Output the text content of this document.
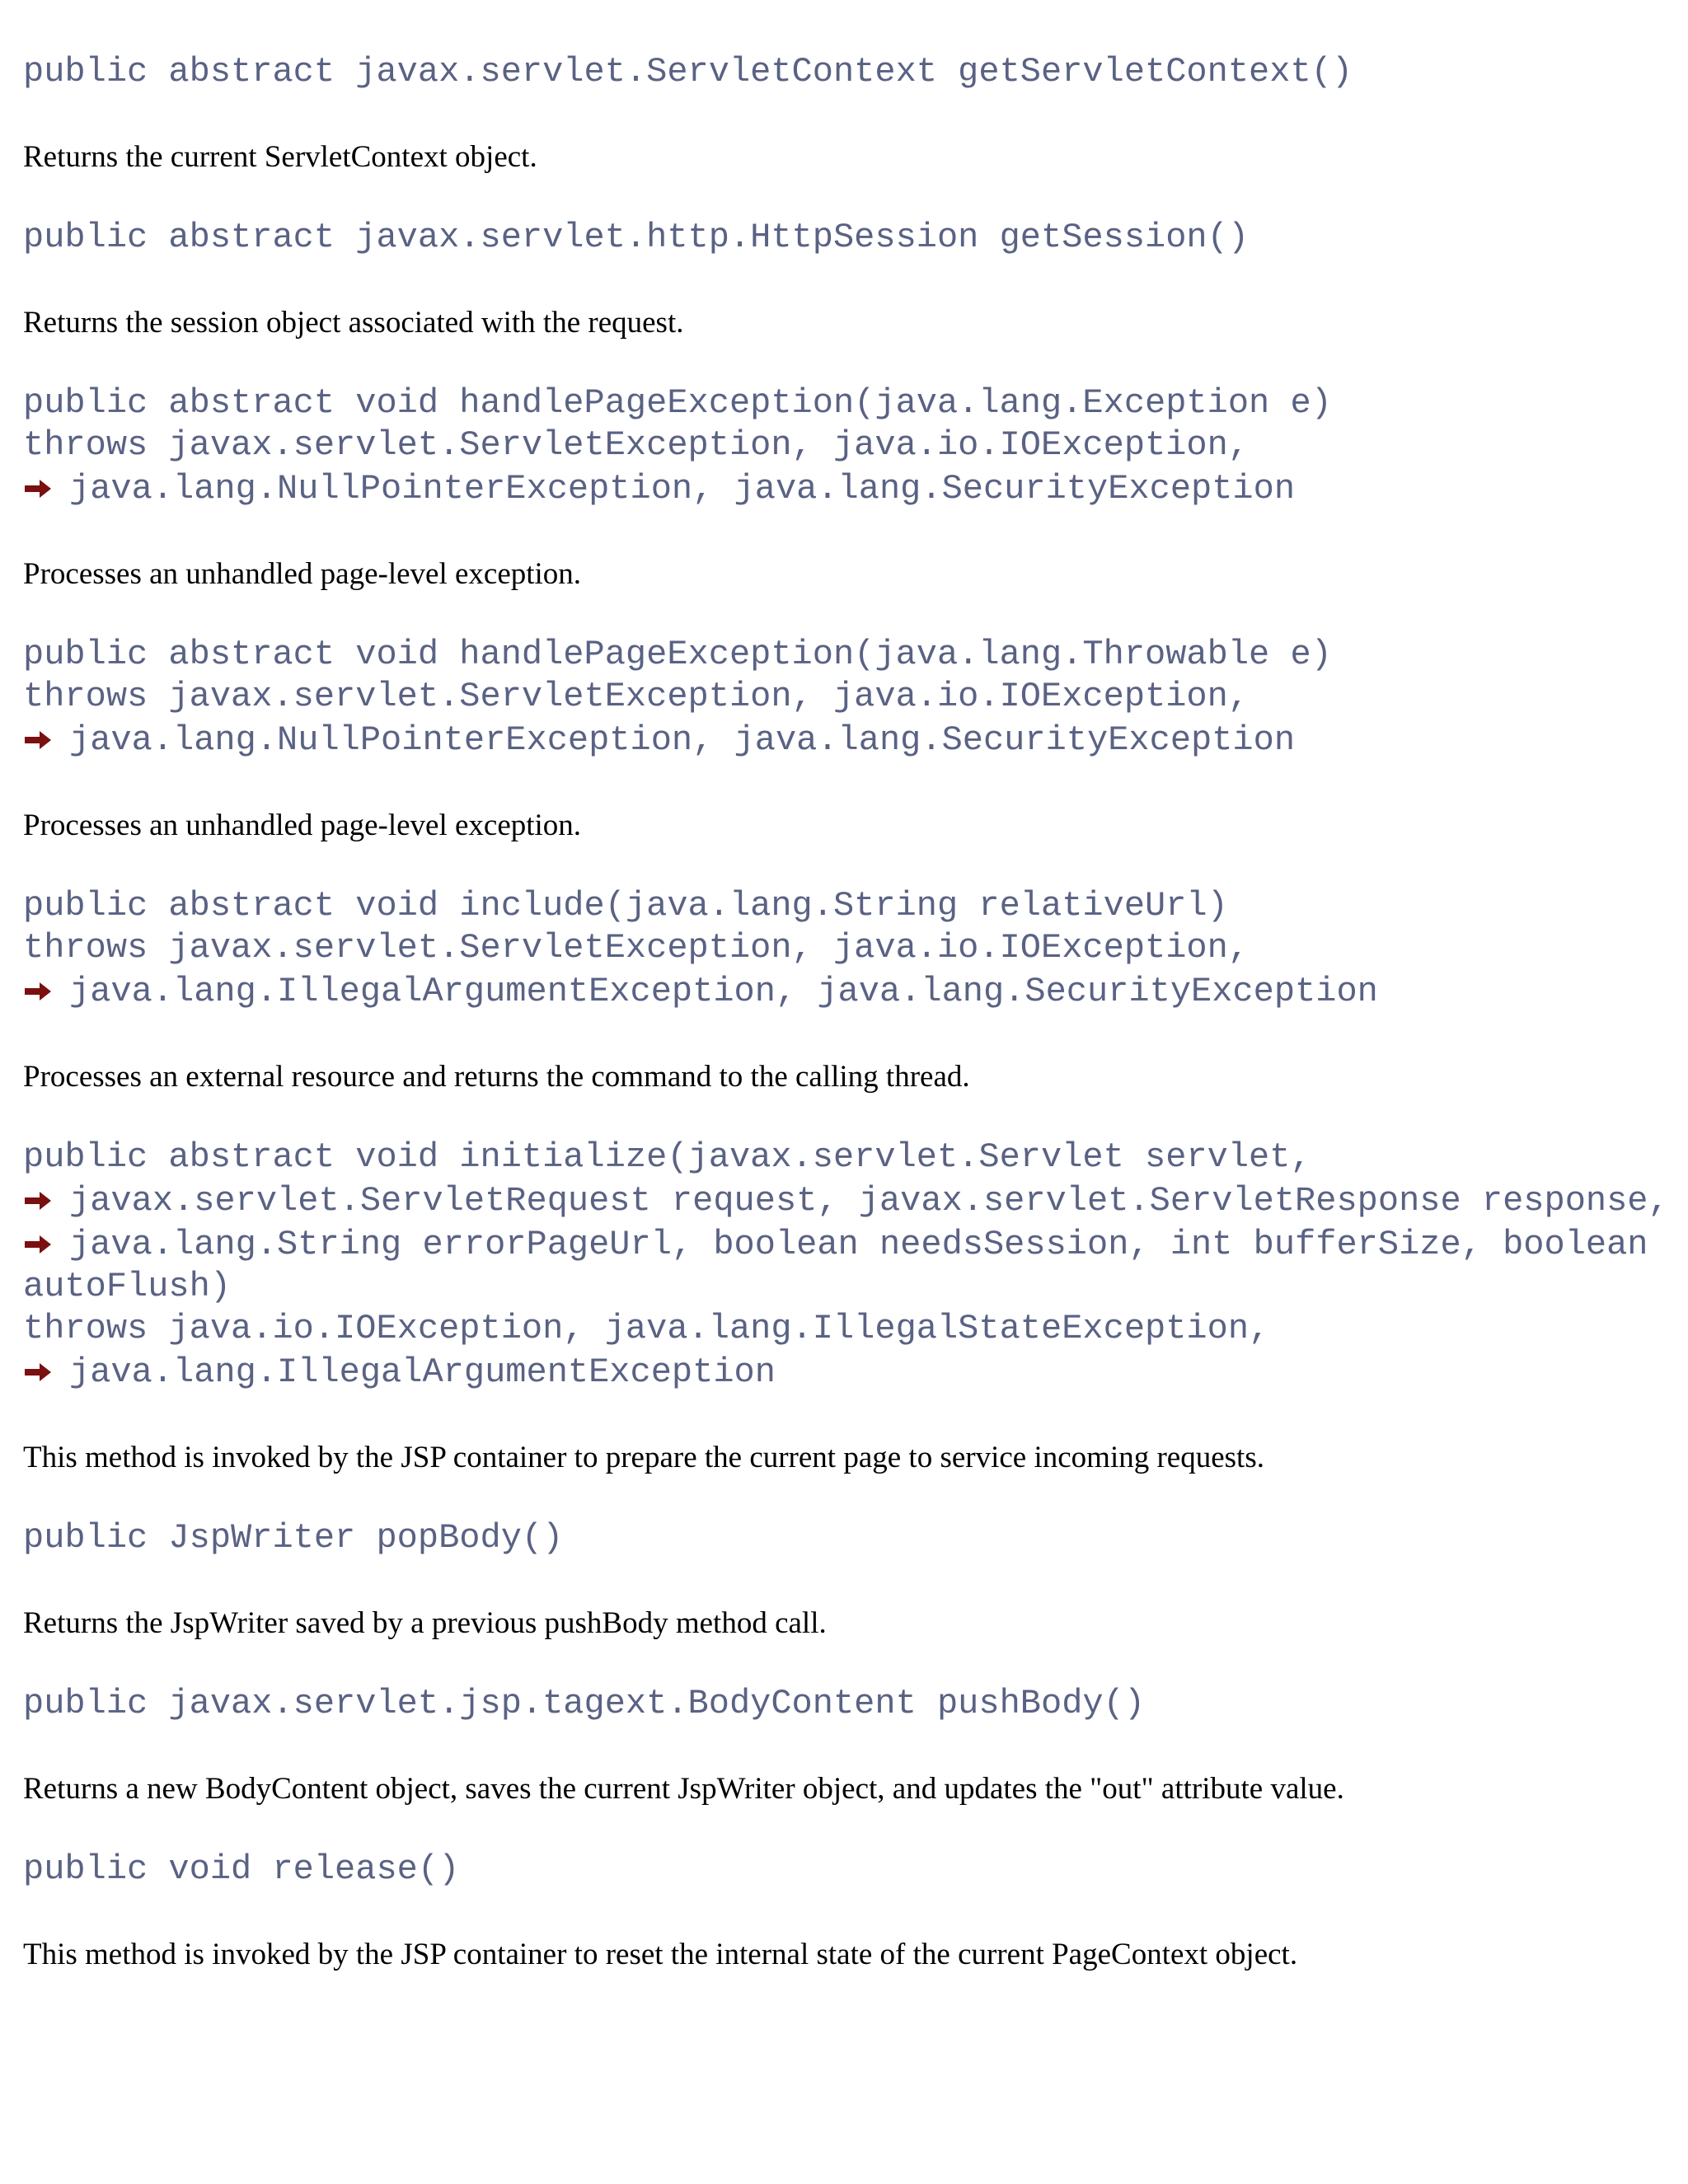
public abstract javax.servlet.ServletContext getServletContext()

Returns the current ServletContext object.

public abstract javax.servlet.http.HttpSession getSession()

Returns the session object associated with the request.

public abstract void handlePageException(java.lang.Exception e)
throws javax.servlet.ServletException, java.io.IOException,
java.lang.NullPointerException, java.lang.SecurityException

Processes an unhandled page-level exception.

public abstract void handlePageException(java.lang.Throwable e)
throws javax.servlet.ServletException, java.io.IOException,
java.lang.NullPointerException, java.lang.SecurityException

Processes an unhandled page-level exception.

public abstract void include(java.lang.String relativeUrl)
throws javax.servlet.ServletException, java.io.IOException,
java.lang.IllegalArgumentException, java.lang.SecurityException

Processes an external resource and returns the command to the calling thread.

public abstract void initialize(javax.servlet.Servlet servlet,
javax.servlet.ServletRequest request, javax.servlet.ServletResponse response,
java.lang.String errorPageUrl, boolean needsSession, int bufferSize, boolean
autoFlush)
throws java.io.IOException, java.lang.IllegalStateException,
java.lang.IllegalArgumentException

This method is invoked by the JSP container to prepare the current page to service incoming requests.

public JspWriter popBody()

Returns the JspWriter saved by a previous pushBody method call.

public javax.servlet.jsp.tagext.BodyContent pushBody()

Returns a new BodyContent object, saves the current JspWriter object, and updates the "out" attribute value.

public void release()

This method is invoked by the JSP container to reset the internal state of the current PageContext object.
